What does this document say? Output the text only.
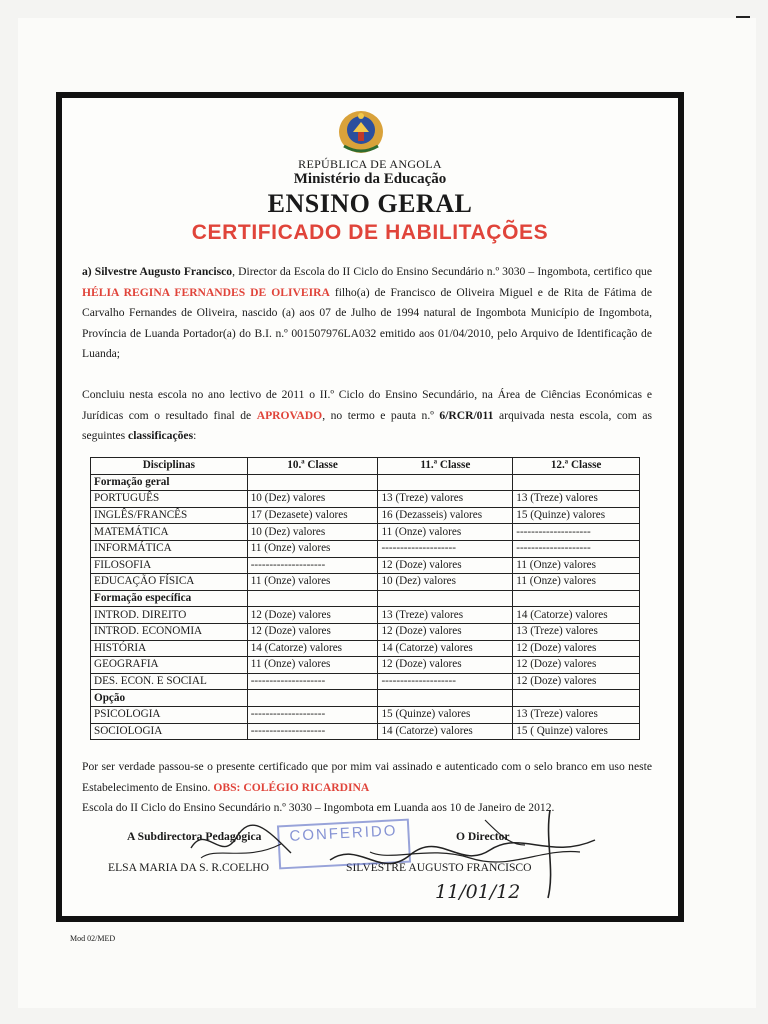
REPÚBLICA DE ANGOLA
Ministério da Educação
ENSINO GERAL
CERTIFICADO DE HABILITAÇÕES
a) Silvestre Augusto Francisco, Director da Escola do II Ciclo do Ensino Secundário n.º 3030 – Ingombota, certifico que HÉLIA REGINA FERNANDES DE OLIVEIRA filho(a) de Francisco de Oliveira Miguel e de Rita de Fátima de Carvalho Fernandes de Oliveira, nascido (a) aos 07 de Julho de 1994 natural de Ingombota Município de Ingombota, Província de Luanda Portador(a) do B.I. n.º 001507976LA032 emitido aos 01/04/2010, pelo Arquivo de Identificação de Luanda;
Concluiu nesta escola no ano lectivo de 2011 o II.º Ciclo do Ensino Secundário, na Área de Ciências Económicas e Jurídicas com o resultado final de APROVADO, no termo e pauta n.º 6/RCR/011 arquivada nesta escola, com as seguintes classificações:
Disciplinas	10.ª Classe	11.ª Classe	12.ª Classe
Formação geral			
PORTUGUÊS	10 (Dez) valores	13 (Treze) valores	13 (Treze) valores
INGLÊS/FRANCÊS	17 (Dezasete) valores	16 (Dezasseis) valores	15 (Quinze) valores
MATEMÁTICA	10 (Dez) valores	11 (Onze) valores	--------------------
INFORMÁTICA	11 (Onze) valores	--------------------	--------------------
FILOSOFIA	--------------------	12 (Doze) valores	11 (Onze) valores
EDUCAÇÃO FÍSICA	11 (Onze) valores	10 (Dez) valores	11 (Onze) valores
Formação específica			
INTROD. DIREITO	12 (Doze) valores	13 (Treze) valores	14 (Catorze) valores
INTROD. ECONOMIA	12 (Doze) valores	12 (Doze) valores	13 (Treze) valores
HISTÓRIA	14 (Catorze) valores	14 (Catorze) valores	12 (Doze) valores
GEOGRAFIA	11 (Onze) valores	12 (Doze) valores	12 (Doze) valores
DES. ECON. E SOCIAL	--------------------	--------------------	12 (Doze) valores
Opção			
PSICOLOGIA	--------------------	15 (Quinze) valores	13 (Treze) valores
SOCIOLOGIA	--------------------	14 (Catorze) valores	15 ( Quinze) valores
Por ser verdade passou-se o presente certificado que por mim vai assinado e autenticado com o selo branco em uso neste Estabelecimento de Ensino. OBS: COLÉGIO RICARDINA
Escola do II Ciclo do Ensino Secundário n.º 3030 – Ingombota em Luanda aos 10 de Janeiro de 2012.
A Subdirectora Pedagógica
ELSA MARIA DA S. R.COELHO
O Director
SILVESTRE AUGUSTO FRANCISCO
CONFERIDO
11/01/12
Mod 02/MED
